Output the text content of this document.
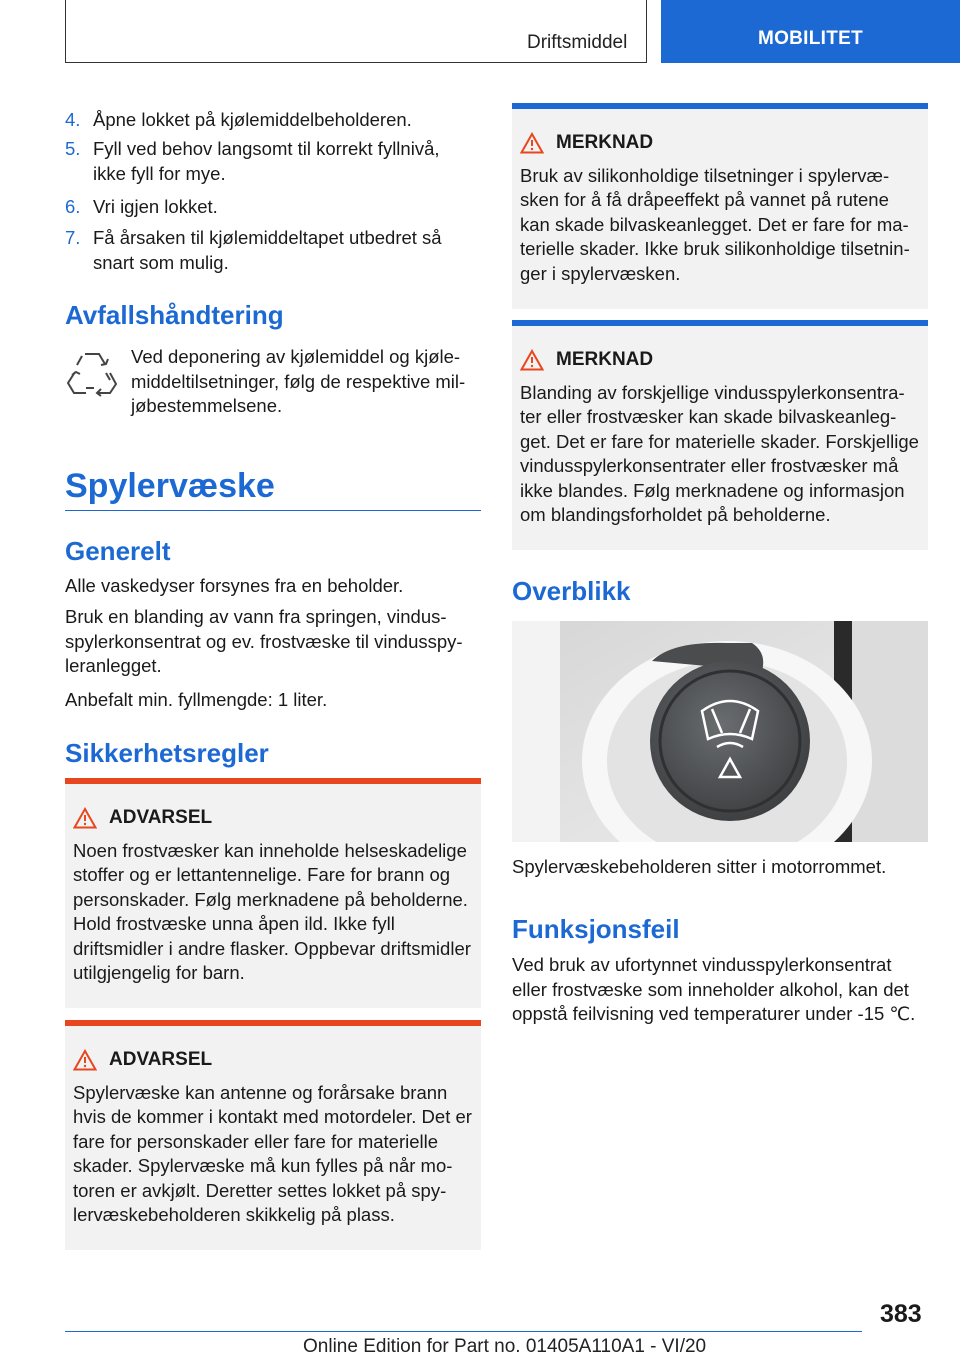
Driftsmiddel	MOBILITET
4. Åpne lokket på kjølemiddelbeholderen.
5. Fyll ved behov langsomt til korrekt fyllnivå, ikke fyll for mye.
6. Vri igjen lokket.
7. Få årsaken til kjølemiddeltapet utbedret så snart som mulig.
Avfallshåndtering
Ved deponering av kjølemiddel og kjølemiddeltilsetninger, følg de respektive miljøbestemmelsene.
Spylervæske
Generelt
Alle vaskedyser forsynes fra en beholder.
Bruk en blanding av vann fra springen, vindusspylerkonsentrat og ev. frostvæske til vindusspyleranlegget.
Anbefalt min. fyllmengde: 1 liter.
Sikkerhetsregler
ADVARSEL
Noen frostvæsker kan inneholde helseskadelige stoffer og er lettantennelige. Fare for brann og personskader. Følg merknadene på beholderne. Hold frostvæske unna åpen ild. Ikke fyll driftsmidler i andre flasker. Oppbevar driftsmidler utilgjengelig for barn.
ADVARSEL
Spylervæske kan antenne og forårsake brann hvis de kommer i kontakt med motordeler. Det er fare for personskader eller fare for materielle skader. Spylervæske må kun fylles på når motoren er avkjølt. Deretter settes lokket på spylervæskebeholderen skikkelig på plass.
MERKNAD
Bruk av silikonholdige tilsetninger i spylervæsken for å få dråpeeffekt på vannet på rutene kan skade bilvaskeanlegget. Det er fare for materielle skader. Ikke bruk silikonholdige tilsetninger i spylervæsken.
MERKNAD
Blanding av forskjellige vindusspylerkonsentrater eller frostvæsker kan skade bilvaskeanlegget. Det er fare for materielle skader. Forskjellige vindusspylerkonsentrater eller frostvæsker må ikke blandes. Følg merknadene og informasjon om blandingsforholdet på beholderne.
Overblikk
Spylervæskebeholderen sitter i motorrommet.
Funksjonsfeil
Ved bruk av ufortynnet vindusspylerkonsentrat eller frostvæske som inneholder alkohol, kan det oppstå feilvisning ved temperaturer under -15 ℃.
383
Online Edition for Part no. 01405A110A1 - VI/20
